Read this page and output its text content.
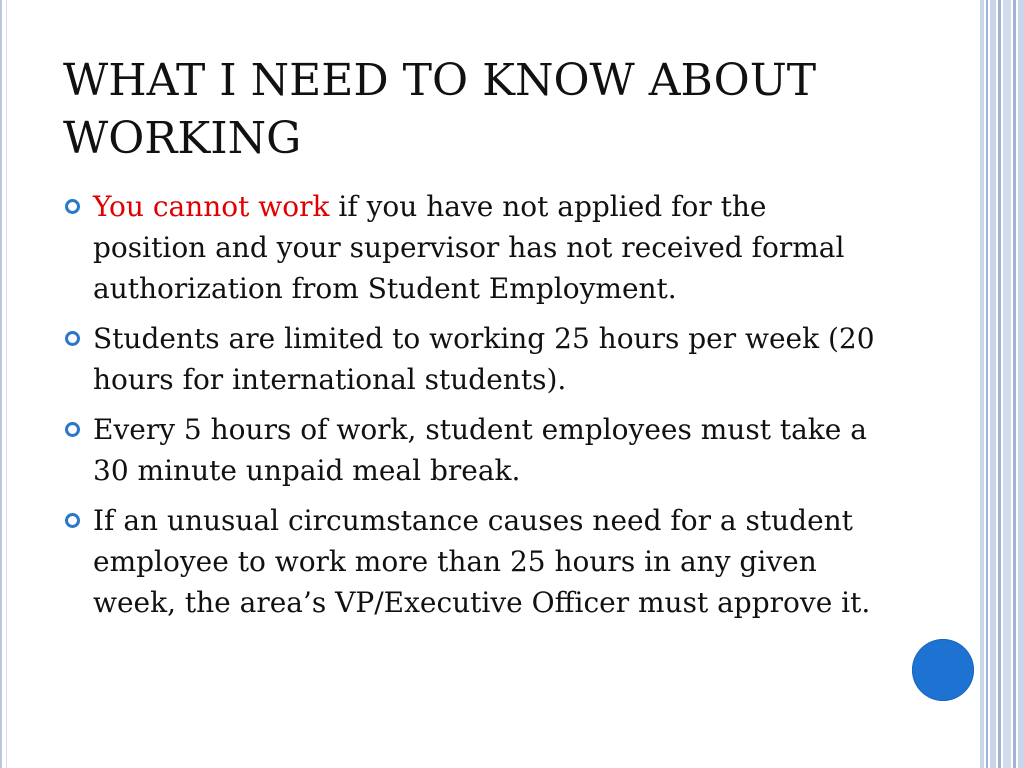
WHAT I NEED TO KNOW ABOUT
WORKING
You cannot work if you have not applied for the position and your supervisor has not received formal authorization from Student Employment.
Students are limited to working 25 hours per week (20 hours for international students).
Every 5 hours of work, student employees must take a 30 minute unpaid meal break.
If an unusual circumstance causes need for a student employee to work more than 25 hours in any given week, the area’s VP/Executive Officer must approve it.
